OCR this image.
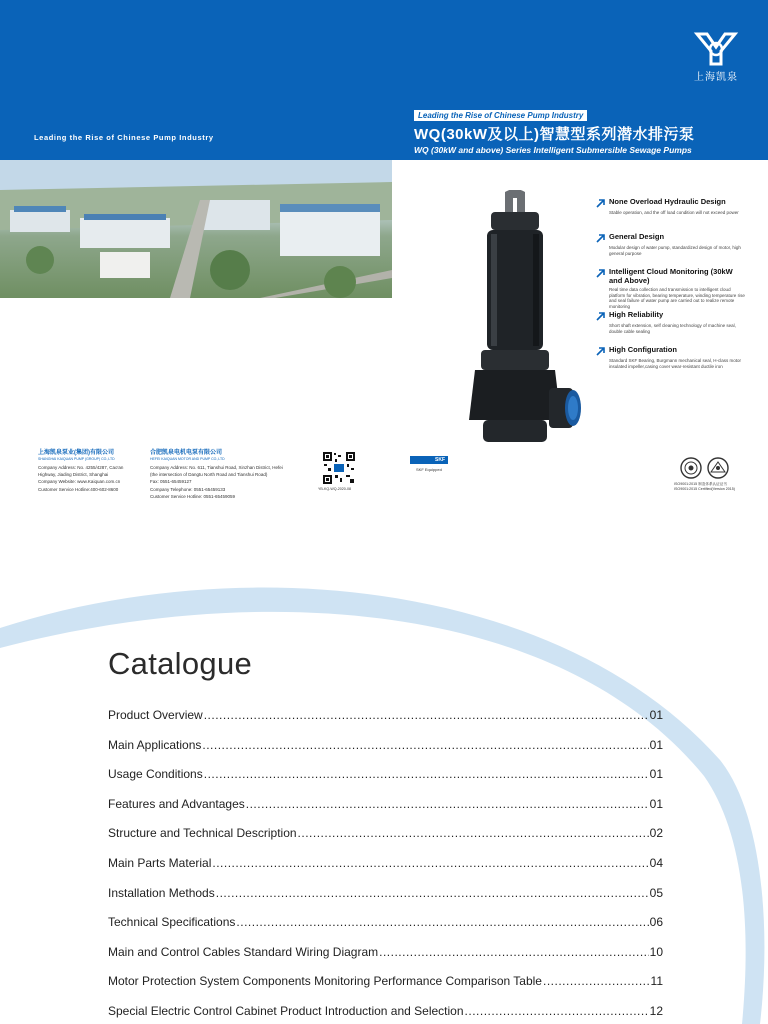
上海凯泉
Leading the Rise of Chinese Pump Industry
Leading the Rise of Chinese Pump Industry
WQ(30kW及以上)智慧型系列潜水排污泵
WQ (30kW and above) Series Intelligent Submersible Sewage Pumps
None Overload Hydraulic Design
Stable operation, and the off load condition will not exceed power
General Design
Modular design of water pump, standardized design of motor, high general purpose
Intelligent Cloud Monitoring (30kW and Above)
Real time data collection and transmission to intelligent cloud platform for vibration, bearing temperature, winding temperature rise and seal failure of water pump are carried out to realize remote monitoring
High Reliability
Short shaft extension, self cleaning technology of machine seal, double cable sealing
High Configuration
Standard SKF Bearing, Burgmann mechanical seal, H-class motor insulated impeller,casing cover wear-resistant ductile iron
上海凯泉泵业(集团)有限公司
SHANGHAI KAIQUAN PUMP (GROUP) CO.,LTD
Company Address: No. 4255/4287, Cao'an
Highway, Jiading District, Shanghai
Company Website: www.Kaiquan.com.cn
Customer Service Hotline:400-602-8600
合肥凯泉电机电泵有限公司
HEFEI KAIQUAN MOTOR AND PUMP CO.,LTD
Company Address: No. 611, Tianshui Road, Xinzhan District, Hefei
(the intersection of Dangtu North Road and Tianshui Road)
Fax: 0551-65459127
Company Telephone: 0551-65459133
Customer Service Hotline: 0551-65459059
YB-KQ-WQ-2020-08
SKF
SKF Equipped
ISO9001:2015 制造体系认证证书
ISO9001:2015 Certified(Version 2015)
Catalogue
Product Overview .....	01
Main Applications .....	01
Usage Conditions .....	01
Features and Advantages .....	01
Structure and Technical Description .....	02
Main Parts Material .....	04
Installation Methods .....	05
Technical Specifications .....	06
Main and Control Cables Standard Wiring Diagram .....	10
Motor Protection System Components Monitoring Performance Comparison Table .....	11
Special Electric Control Cabinet Product Introduction and Selection .....	12
